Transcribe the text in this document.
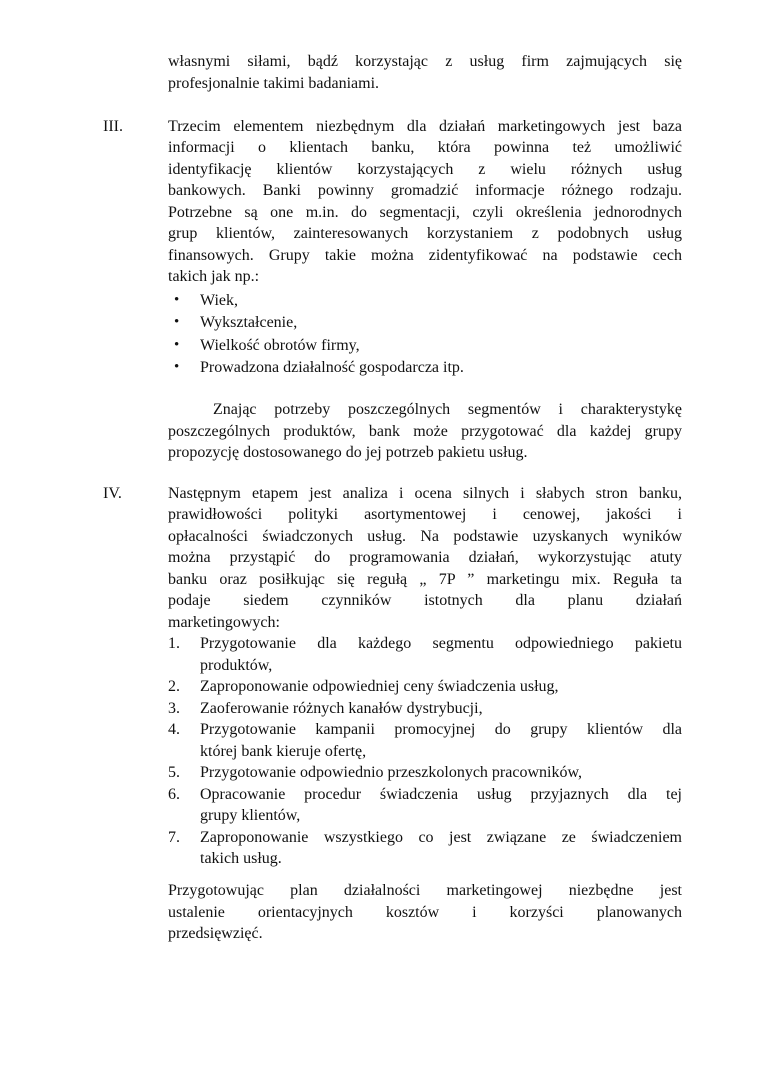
własnymi siłami, bądź korzystając z usług firm zajmujących się
profesjonalnie takimi badaniami.
III.	Trzecim elementem niezbędnym dla działań marketingowych jest baza
informacji o klientach banku, która powinna też umożliwić
identyfikację klientów korzystających z wielu różnych usług
bankowych. Banki powinny gromadzić informacje różnego rodzaju.
Potrzebne są one m.in. do segmentacji, czyli określenia jednorodnych
grup klientów, zainteresowanych korzystaniem z podobnych usług
finansowych. Grupy takie można zidentyfikować na podstawie cech
takich jak np.:
• Wiek,
• Wykształcenie,
• Wielkość obrotów firmy,
• Prowadzona działalność gospodarcza itp.
Znając potrzeby poszczególnych segmentów i charakterystykę
poszczególnych produktów, bank może przygotować dla każdej grupy
propozycję dostosowanego do jej potrzeb pakietu usług.
IV.	Następnym etapem jest analiza i ocena silnych i słabych stron banku,
prawidłowości polityki asortymentowej i cenowej, jakości i
opłacalności świadczonych usług. Na podstawie uzyskanych wyników
można przystąpić do programowania działań, wykorzystując atuty
banku oraz posiłkując się regułą „ 7P ” marketingu mix. Reguła ta
podaje siedem czynników istotnych dla planu działań
marketingowych:
1. Przygotowanie dla każdego segmentu odpowiedniego pakietu
produktów,
2. Zaproponowanie odpowiedniej ceny świadczenia usług,
3. Zaoferowanie różnych kanałów dystrybucji,
4. Przygotowanie kampanii promocyjnej do grupy klientów dla
której bank kieruje ofertę,
5. Przygotowanie odpowiednio przeszkolonych pracowników,
6. Opracowanie procedur świadczenia usług przyjaznych dla tej
grupy klientów,
7. Zaproponowanie wszystkiego co jest związane ze świadczeniem
takich usług.
Przygotowując plan działalności marketingowej niezbędne jest
ustalenie orientacyjnych kosztów i korzyści planowanych
przedsięwzięć.
